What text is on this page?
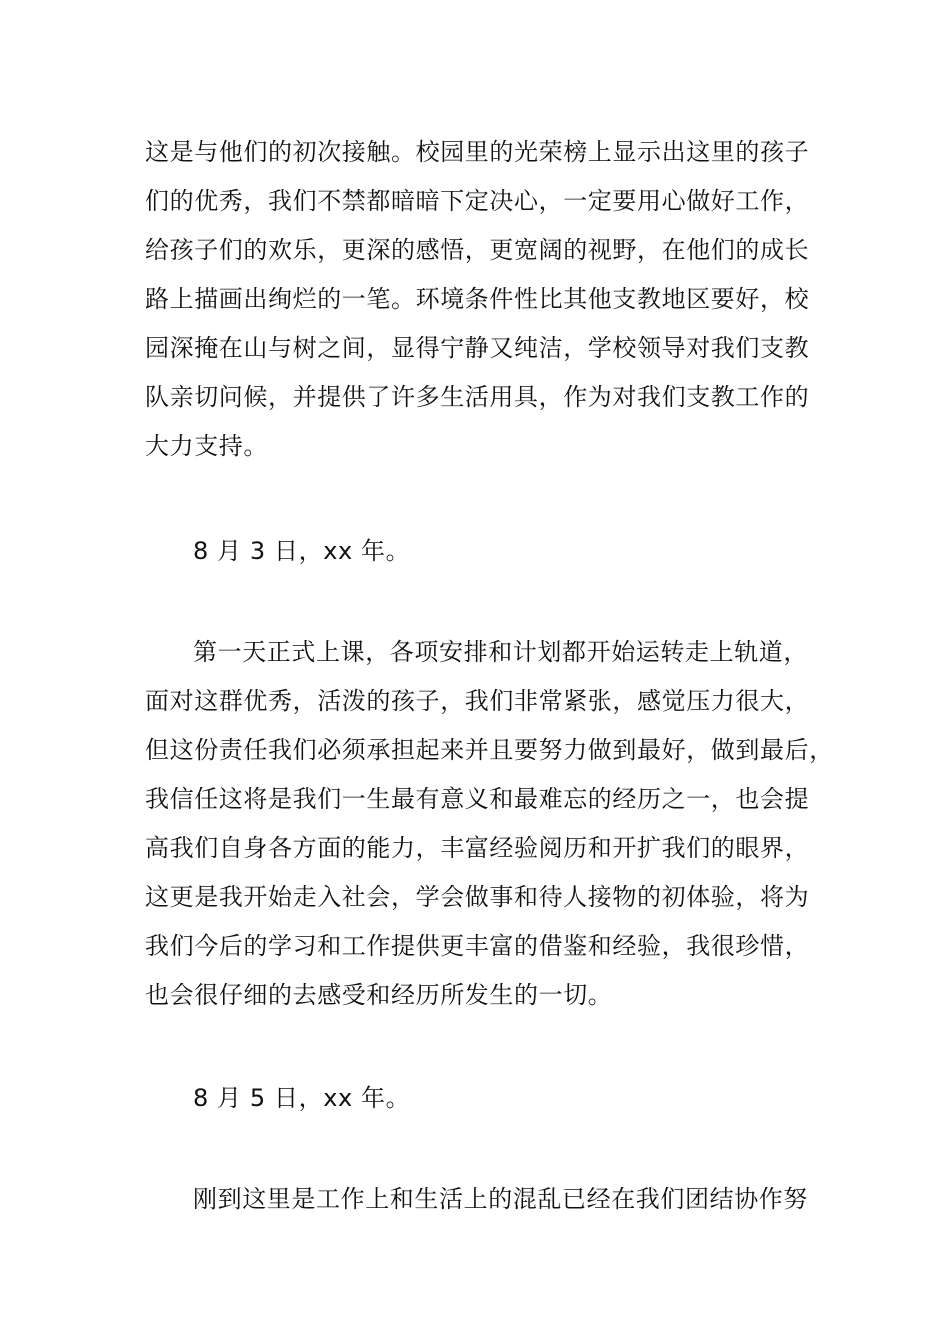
这是与他们的初次接触。校园里的光荣榜上显示出这里的孩子
们的优秀，我们不禁都暗暗下定决心，一定要用心做好工作，
给孩子们的欢乐，更深的感悟，更宽阔的视野，在他们的成长
路上描画出绚烂的一笔。环境条件性比其他支教地区要好，校
园深掩在山与树之间，显得宁静又纯洁，学校领导对我们支教
队亲切问候，并提供了许多生活用具，作为对我们支教工作的
大力支持。
8 月 3 日，xx 年。
第一天正式上课，各项安排和计划都开始运转走上轨道，
面对这群优秀，活泼的孩子，我们非常紧张，感觉压力很大，
但这份责任我们必须承担起来并且要努力做到最好，做到最后，
我信任这将是我们一生最有意义和最难忘的经历之一，也会提
高我们自身各方面的能力，丰富经验阅历和开扩我们的眼界，
这更是我开始走入社会，学会做事和待人接物的初体验，将为
我们今后的学习和工作提供更丰富的借鉴和经验，我很珍惜，
也会很仔细的去感受和经历所发生的一切。
8 月 5 日，xx 年。
刚到这里是工作上和生活上的混乱已经在我们团结协作努
